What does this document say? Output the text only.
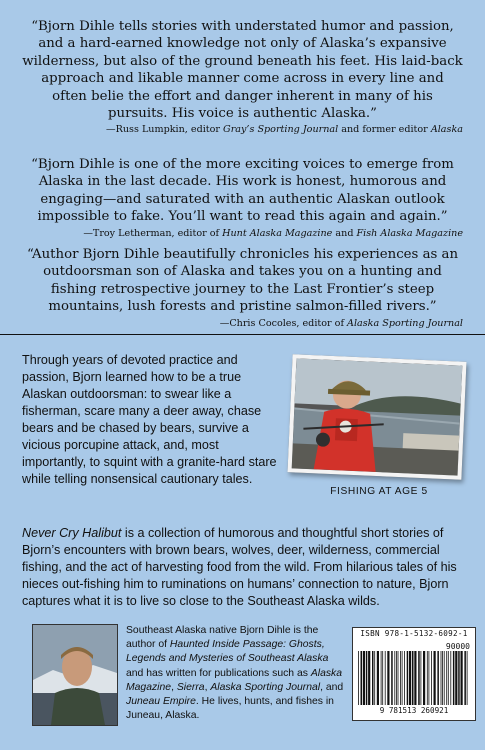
“Bjorn Dihle tells stories with understated humor and passion, and a hard-earned knowledge not only of Alaska’s expansive wilderness, but also of the ground beneath his feet. His laid-back approach and likable manner come across in every line and often belie the effort and danger inherent in many of his pursuits. His voice is authentic Alaska.”
—Russ Lumpkin, editor Gray’s Sporting Journal and former editor Alaska
“Bjorn Dihle is one of the more exciting voices to emerge from Alaska in the last decade. His work is honest, humorous and engaging—and saturated with an authentic Alaskan outlook impossible to fake. You’ll want to read this again and again.”
—Troy Letherman, editor of Hunt Alaska Magazine and Fish Alaska Magazine
“Author Bjorn Dihle beautifully chronicles his experiences as an outdoorsman son of Alaska and takes you on a hunting and fishing retrospective journey to the Last Frontier’s steep mountains, lush forests and pristine salmon-filled rivers.”
—Chris Cocoles, editor of Alaska Sporting Journal

Through years of devoted practice and passion, Bjorn learned how to be a true Alaskan outdoorsman: to swear like a fisherman, scare many a deer away, chase bears and be chased by bears, survive a vicious porcupine attack, and, most importantly, to squint with a granite-hard stare while telling nonsensical cautionary tales.

FISHING AT AGE 5

Never Cry Halibut is a collection of humorous and thoughtful short stories of Bjorn’s encounters with brown bears, wolves, deer, wilderness, commercial fishing, and the act of harvesting food from the wild. From hilarious tales of his nieces out-fishing him to ruminations on humans’ connection to nature, Bjorn captures what it is to live so close to the Southeast Alaska wilds.

Southeast Alaska native Bjorn Dihle is the author of Haunted Inside Passage: Ghosts, Legends and Mysteries of Southeast Alaska and has written for publications such as Alaska Magazine, Sierra, Alaska Sporting Journal, and Juneau Empire. He lives, hunts, and fishes in Juneau, Alaska.

ISBN 978-1-5132-6092-1

90000

9 781513 260921
